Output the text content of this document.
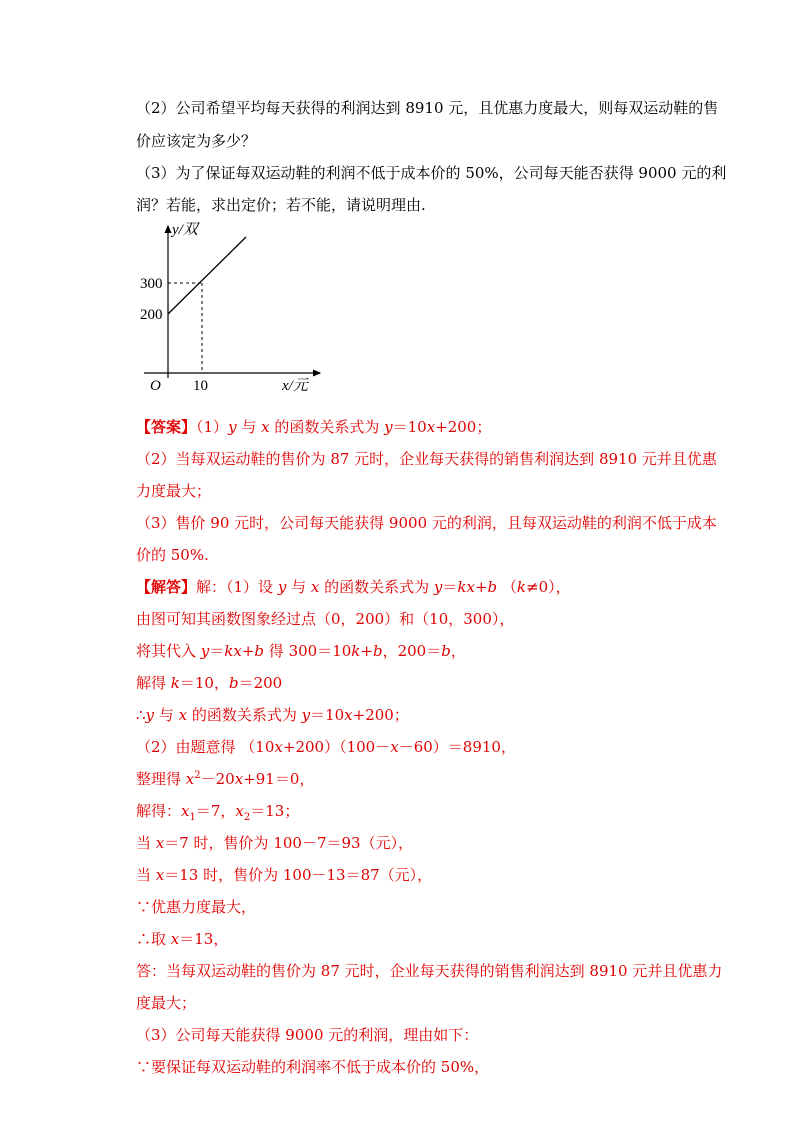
（2）公司希望平均每天获得的利润达到 8910 元，且优惠力度最大，则每双运动鞋的售
价应该定为多少？
（3）为了保证每双运动鞋的利润不低于成本价的 50%，公司每天能否获得 9000 元的利
润？若能，求出定价；若不能，请说明理由.
y/双
300
200
O 10	x/元
【答案】（1）y 与 x 的函数关系式为 y＝10x+200；
（2）当每双运动鞋的售价为 87 元时，企业每天获得的销售利润达到 8910 元并且优惠
力度最大；
（3）售价 90 元时，公司每天能获得 9000 元的利润，且每双运动鞋的利润不低于成本
价的 50%.
【解答】解：（1）设 y 与 x 的函数关系式为 y＝kx+b （k≠0），
由图可知其函数图象经过点（0，200）和（10，300），
将其代入 y＝kx+b 得 300＝10k+b，200＝b，
解得 k＝10，b＝200
∴y 与 x 的函数关系式为 y＝10x+200；
（2）由题意得 （10x+200）（100－x－60）＝8910，
整理得 $x^2-20x+91=0$，
解得：$x_1=7$，$x_2=13$；
当 x＝7 时，售价为 100－7＝93（元），
当 x＝13 时，售价为 100－13＝87（元），
∵优惠力度最大，
∴取 x＝13，
答：当每双运动鞋的售价为 87 元时，企业每天获得的销售利润达到 8910 元并且优惠力
度最大；
（3）公司每天能获得 9000 元的利润，理由如下：
∵要保证每双运动鞋的利润率不低于成本价的 50%，
